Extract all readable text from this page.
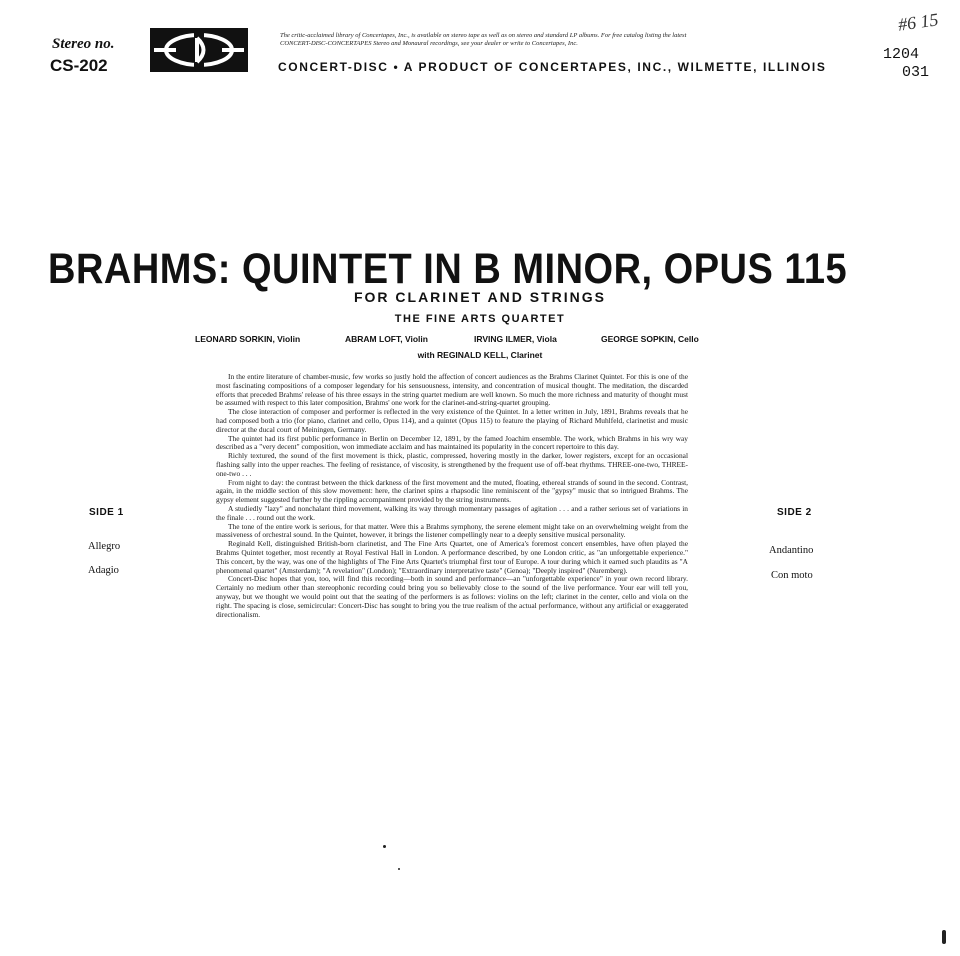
Stereo no.
CS-202
The critic-acclaimed library of Concertapes, Inc., is available on stereo tape as well as on stereo and standard LP albums. For free catalog listing the latest
CONCERT-DISC-CONCERTAPES Stereo and Monaural recordings, see your dealer or write to Concertapes, Inc.
CONCERT-DISC • A PRODUCT OF CONCERTAPES, INC., WILMETTE, ILLINOIS
#6 15
1204
031
BRAHMS: QUINTET IN B MINOR, OPUS 115
FOR CLARINET AND STRINGS
THE FINE ARTS QUARTET
LEONARD SORKIN, Violin	ABRAM LOFT, Violin	IRVING ILMER, Viola	GEORGE SOPKIN, Cello
with REGINALD KELL, Clarinet
SIDE 1
Allegro
Adagio
SIDE 2
Andantino
Con moto

In the entire literature of chamber-music, few works so justly hold the affection of concert audiences as the Brahms Clarinet Quintet. For this is one of the most fascinating compositions of a composer legendary for his sensuousness, intensity, and concentration of musical thought. The meditation, the discarded efforts that preceded Brahms' release of his three essays in the string quartet medium are well known. So much the more richness and maturity of thought must be assumed with respect to this later composition, Brahms' one work for the clarinet-and-string-quartet grouping.

The close interaction of composer and performer is reflected in the very existence of the Quintet. In a letter written in July, 1891, Brahms reveals that he had composed both a trio (for piano, clarinet and cello, Opus 114), and a quintet (Opus 115) to feature the playing of Richard Muhlfeld, clarinetist and music director at the ducal court of Meiningen, Germany.

The quintet had its first public performance in Berlin on December 12, 1891, by the famed Joachim ensemble. The work, which Brahms in his wry way described as a "very decent" composition, won immediate acclaim and has maintained its popularity in the concert repertoire to this day.

Richly textured, the sound of the first movement is thick, plastic, compressed, hovering mostly in the darker, lower registers, except for an occasional flashing sally into the upper reaches. The feeling of resistance, of viscosity, is strengthened by the frequent use of off-beat rhythms. THREE-one-two, THREE-one-two . . .

From night to day: the contrast between the thick darkness of the first movement and the muted, floating, ethereal strands of sound in the second. Contrast, again, in the middle section of this slow movement: here, the clarinet spins a rhapsodic line reminiscent of the "gypsy" music that so intrigued Brahms. The gypsy element suggested further by the rippling accompaniment provided by the string instruments.

A studiedly "lazy" and nonchalant third movement, walking its way through momentary passages of agitation . . . and a rather serious set of variations in the finale . . . round out the work.

The tone of the entire work is serious, for that matter. Were this a Brahms symphony, the serene element might take on an overwhelming weight from the massiveness of orchestral sound. In the Quintet, however, it brings the listener compellingly near to a deeply sensitive musical personality.

Reginald Kell, distinguished British-born clarinetist, and The Fine Arts Quartet, one of America's foremost concert ensembles, have often played the Brahms Quintet together, most recently at Royal Festival Hall in London. A performance described, by one London critic, as "an unforgettable experience." This concert, by the way, was one of the highlights of The Fine Arts Quartet's triumphal first tour of Europe. A tour during which it earned such plaudits as "A phenomenal quartet" (Amsterdam); "A revelation" (London); "Extraordinary interpretative taste" (Genoa); "Deeply inspired" (Nuremberg).

Concert-Disc hopes that you, too, will find this recording—both in sound and performance—an "unforgettable experience" in your own record library. Certainly no medium other than stereophonic recording could bring you so believably close to the sound of the live performance. Your ear will tell you, anyway, but we thought we would point out that the seating of the performers is as follows: violins on the left; clarinet in the center, cello and viola on the right. The spacing is close, semicircular: Concert-Disc has sought to bring you the true realism of the actual performance, without any artificial or exaggerated directionalism.
